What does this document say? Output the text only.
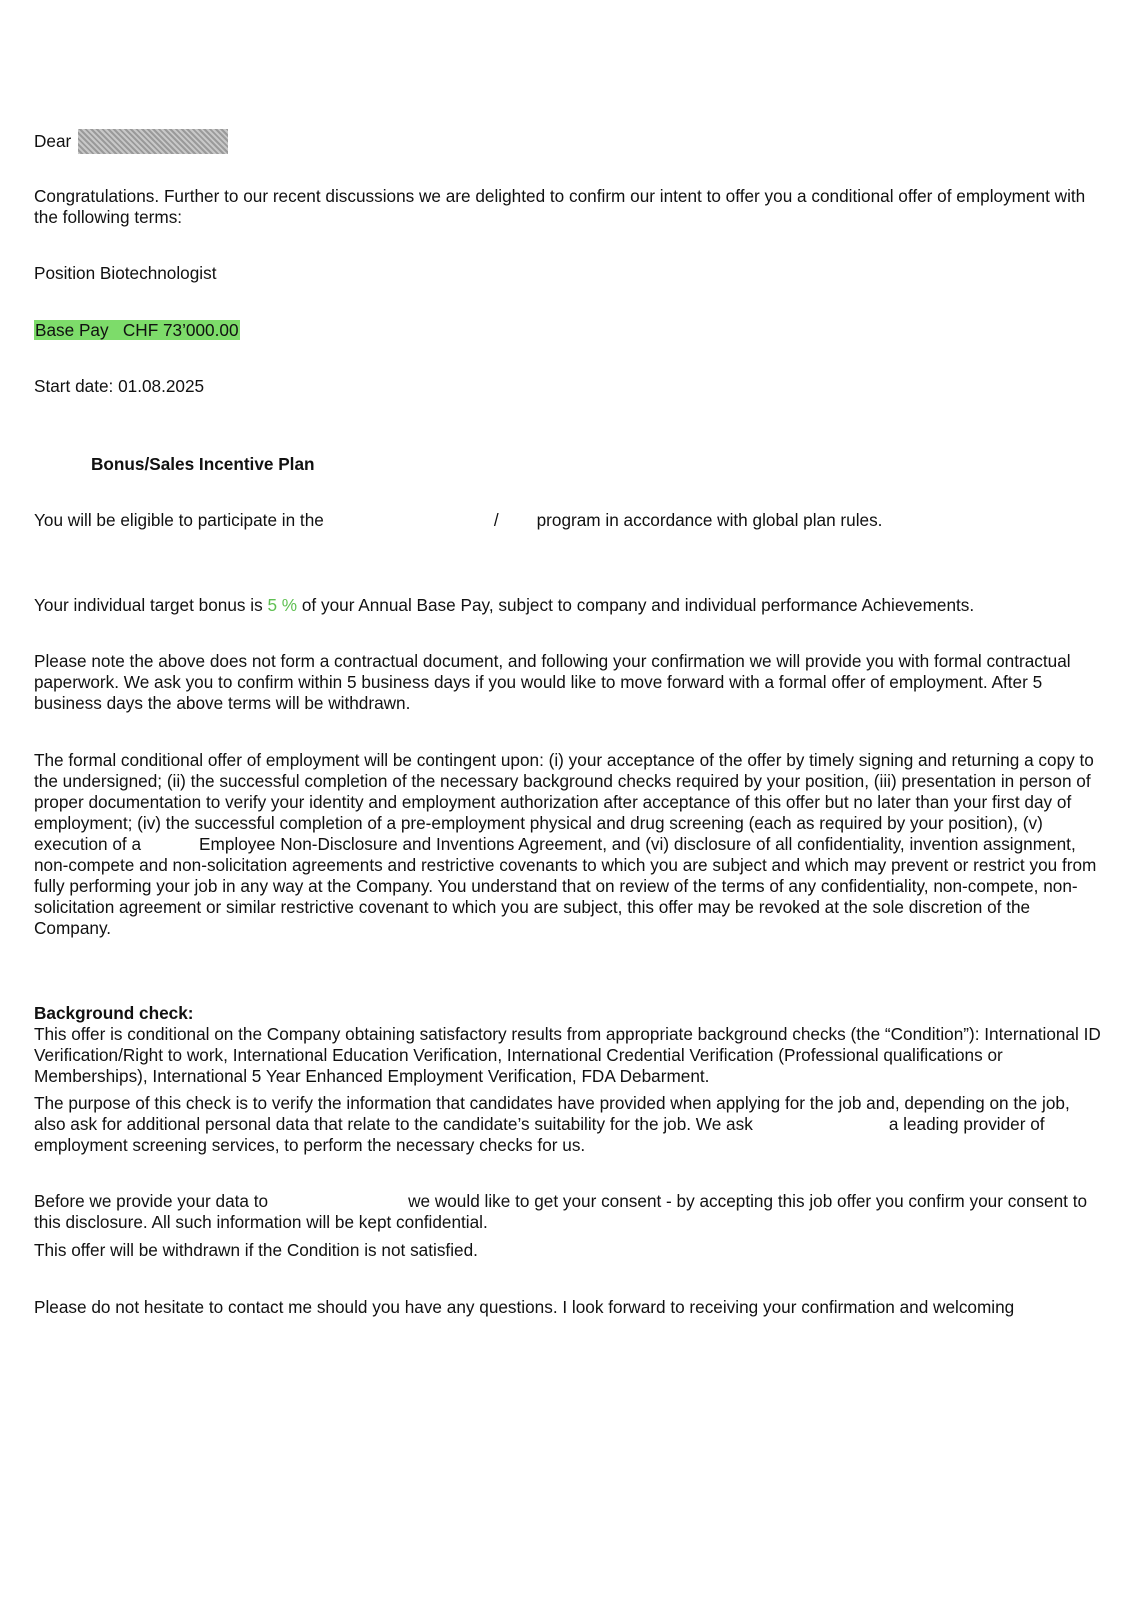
Dear

Congratulations. Further to our recent discussions we are delighted to confirm our intent to offer you a conditional offer of employment with the following terms:

Position Biotechnologist

Base Pay   CHF 73’000.00

Start date: 01.08.2025

Bonus/Sales Incentive Plan

You will be eligible to participate in the	/ program in accordance with global plan rules.

Your individual target bonus is 5 % of your Annual Base Pay, subject to company and individual performance Achievements.

Please note the above does not form a contractual document, and following your confirmation we will provide you with formal contractual paperwork. We ask you to confirm within 5 business days if you would like to move forward with a formal offer of employment. After 5 business days the above terms will be withdrawn.

The formal conditional offer of employment will be contingent upon: (i) your acceptance of the offer by timely signing and returning a copy to the undersigned; (ii) the successful completion of the necessary background checks required by your position, (iii) presentation in person of proper documentation to verify your identity and employment authorization after acceptance of this offer but no later than your first day of employment; (iv) the successful completion of a pre-employment physical and drug screening (each as required by your position), (v) execution of a	Employee Non-Disclosure and Inventions Agreement, and (vi) disclosure of all confidentiality, invention assignment, non-compete and non-solicitation agreements and restrictive covenants to which you are subject and which may prevent or restrict you from fully performing your job in any way at the Company. You understand that on review of the terms of any confidentiality, non-compete, non-solicitation agreement or similar restrictive covenant to which you are subject, this offer may be revoked at the sole discretion of the Company.

Background check:

This offer is conditional on the Company obtaining satisfactory results from appropriate background checks (the “Condition”): International ID Verification/Right to work, International Education Verification, International Credential Verification (Professional qualifications or Memberships), International 5 Year Enhanced Employment Verification, FDA Debarment.

The purpose of this check is to verify the information that candidates have provided when applying for the job and, depending on the job, also ask for additional personal data that relate to the candidate’s suitability for the job. We ask	a leading provider of employment screening services, to perform the necessary checks for us.

Before we provide your data to	we would like to get your consent - by accepting this job offer you confirm your consent to this disclosure. All such information will be kept confidential.

This offer will be withdrawn if the Condition is not satisfied.

Please do not hesitate to contact me should you have any questions. I look forward to receiving your confirmation and welcoming
